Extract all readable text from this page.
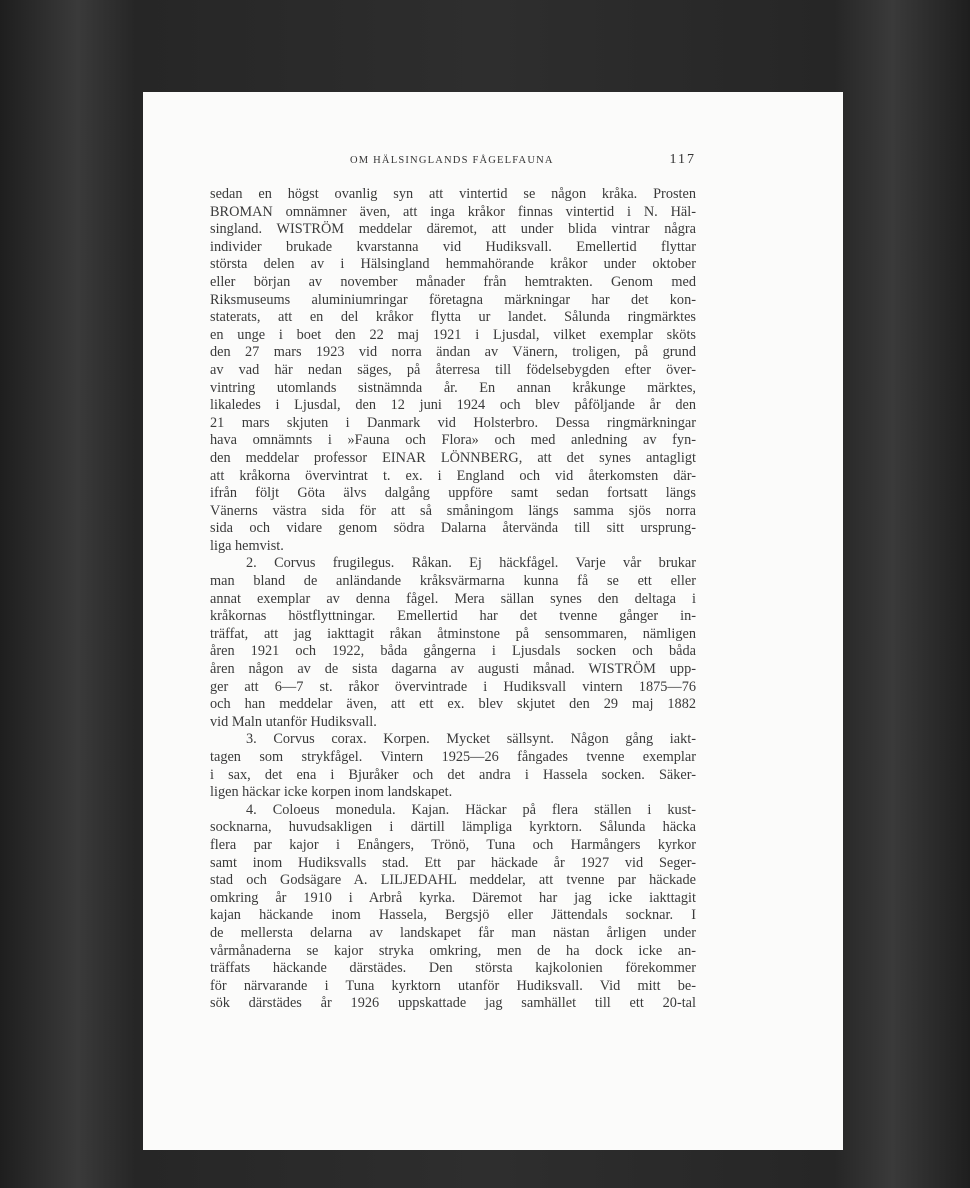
OM HÄLSINGLANDS FÅGELFAUNA	117
sedan en högst ovanlig syn att vintertid se någon kråka. Prosten
BROMAN omnämner även, att inga kråkor finnas vintertid i N. Häl-
singland. WISTRÖM meddelar däremot, att under blida vintrar några
individer brukade kvarstanna vid Hudiksvall. Emellertid flyttar
största delen av i Hälsingland hemmahörande kråkor under oktober
eller början av november månader från hemtrakten. Genom med
Riksmuseums aluminiumringar företagna märkningar har det kon-
staterats, att en del kråkor flytta ur landet. Sålunda ringmärktes
en unge i boet den 22 maj 1921 i Ljusdal, vilket exemplar sköts
den 27 mars 1923 vid norra ändan av Vänern, troligen, på grund
av vad här nedan säges, på återresa till födelsebygden efter över-
vintring utomlands sistnämnda år. En annan kråkunge märktes,
likaledes i Ljusdal, den 12 juni 1924 och blev påföljande år den
21 mars skjuten i Danmark vid Holsterbro. Dessa ringmärkningar
hava omnämnts i »Fauna och Flora» och med anledning av fyn-
den meddelar professor EINAR LÖNNBERG, att det synes antagligt
att kråkorna övervintrat t. ex. i England och vid återkomsten där-
ifrån följt Göta älvs dalgång uppföre samt sedan fortsatt längs
Vänerns västra sida för att så småningom längs samma sjös norra
sida och vidare genom södra Dalarna återvända till sitt ursprung-
liga hemvist.
2. Corvus frugilegus. Råkan. Ej häckfågel. Varje vår brukar
man bland de anländande kråksvärmarna kunna få se ett eller
annat exemplar av denna fågel. Mera sällan synes den deltaga i
kråkornas höstflyttningar. Emellertid har det tvenne gånger in-
träffat, att jag iakttagit råkan åtminstone på sensommaren, nämligen
åren 1921 och 1922, båda gångerna i Ljusdals socken och båda
åren någon av de sista dagarna av augusti månad. WISTRÖM upp-
ger att 6—7 st. råkor övervintrade i Hudiksvall vintern 1875—76
och han meddelar även, att ett ex. blev skjutet den 29 maj 1882
vid Maln utanför Hudiksvall.
3. Corvus corax. Korpen. Mycket sällsynt. Någon gång iakt-
tagen som strykfågel. Vintern 1925—26 fångades tvenne exemplar
i sax, det ena i Bjuråker och det andra i Hassela socken. Säker-
ligen häckar icke korpen inom landskapet.
4. Coloeus monedula. Kajan. Häckar på flera ställen i kust-
socknarna, huvudsakligen i därtill lämpliga kyrktorn. Sålunda häcka
flera par kajor i Enångers, Trönö, Tuna och Harmångers kyrkor
samt inom Hudiksvalls stad. Ett par häckade år 1927 vid Seger-
stad och Godsägare A. LILJEDAHL meddelar, att tvenne par häckade
omkring år 1910 i Arbrå kyrka. Däremot har jag icke iakttagit
kajan häckande inom Hassela, Bergsjö eller Jättendals socknar. I
de mellersta delarna av landskapet får man nästan årligen under
vårmånaderna se kajor stryka omkring, men de ha dock icke an-
träffats häckande därstädes. Den största kajkolonien förekommer
för närvarande i Tuna kyrktorn utanför Hudiksvall. Vid mitt be-
sök därstädes år 1926 uppskattade jag samhället till ett 20-tal
